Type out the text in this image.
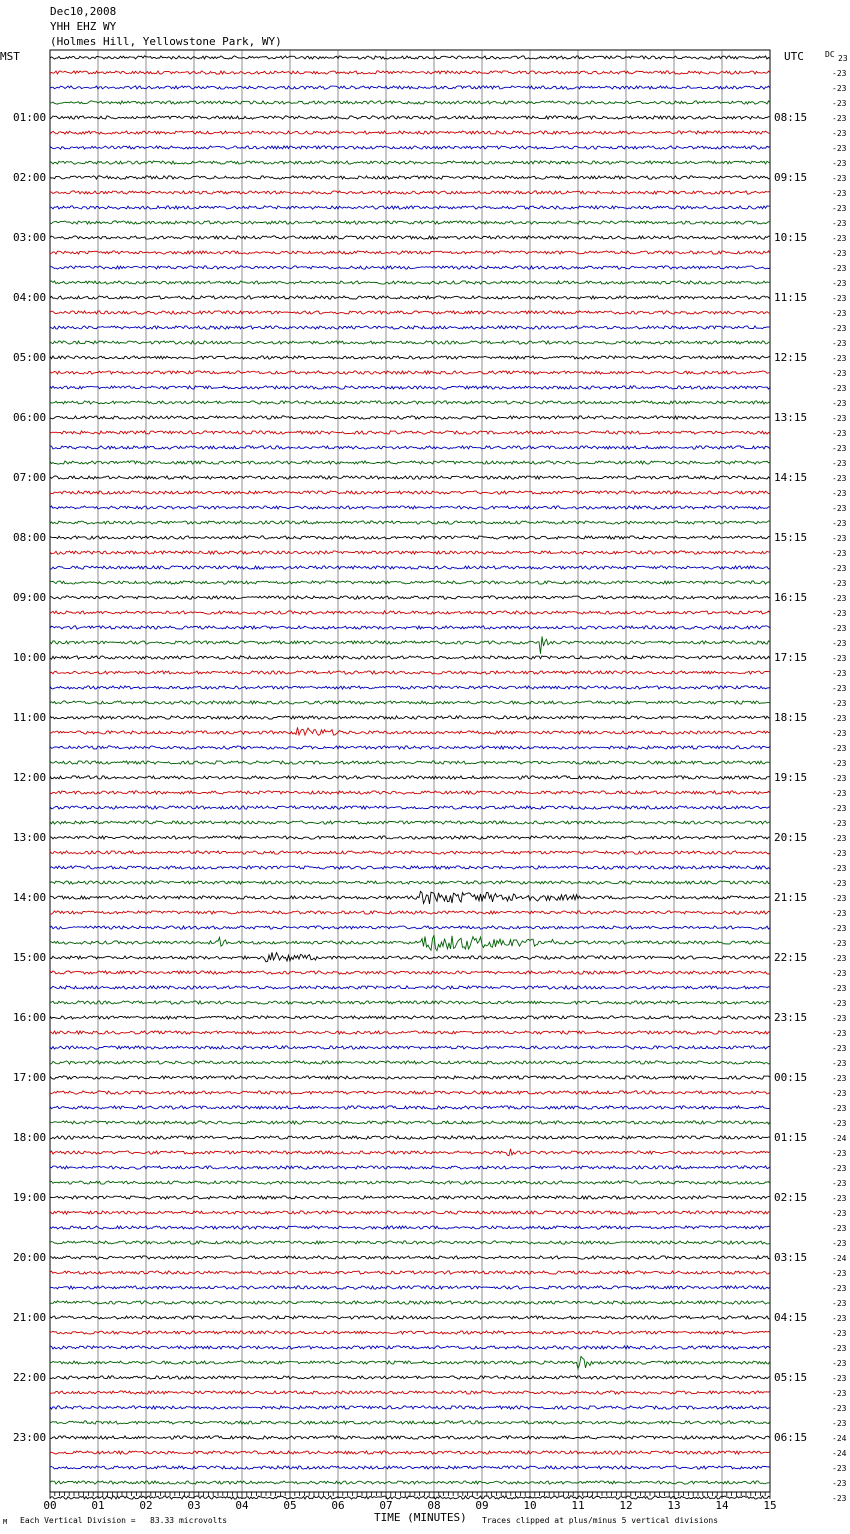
Dec10,2008
YHH EHZ WY
(Holmes Hill, Yellowstone Park, WY)
MST	UTC	DC
01:00
02:00
03:00
04:00
05:00
06:00
07:00
08:00
09:00
10:00
11:00
12:00
13:00
14:00
15:00
16:00
17:00
18:00
19:00
20:00
21:00
22:00
23:00
08:15
09:15
10:15
11:15
12:15
13:15
14:15
15:15
16:15
17:15
18:15
19:15
20:15
21:15
22:15
23:15
00:15
01:15
02:15
03:15
04:15
05:15
06:15
23
-23
-23
-23
-23
-23
-23
-23
-23
-23
-23
-23
-23
-23
-23
-23
-23
-23
-23
-23
-23
-23
-23
-23
-23
-23
-23
-23
-23
-23
-23
-23
-23
-23
-23
-23
-23
-23
-23
-23
-23
-23
-23
-23
-23
-23
-23
-23
-23
-23
-23
-23
-23
-23
-23
-23
-23
-23
-23
-23
-23
-23
-23
-23
-23
-23
-23
-23
-23
-23
-23
-23
-24
-23
-23
-23
-23
-23
-23
-23
-24
-23
-23
-23
-23
-23
-23
-23
-23
-23
-23
-23
-24
-24
-23
-23
-23
00	01	02	03	04	05	06	07	08	09	10	11	12	13	14	15
M Each Vertical Division =   83.33 microvolts	TIME (MINUTES) Traces clipped at plus/minus 5 vertical divisions
